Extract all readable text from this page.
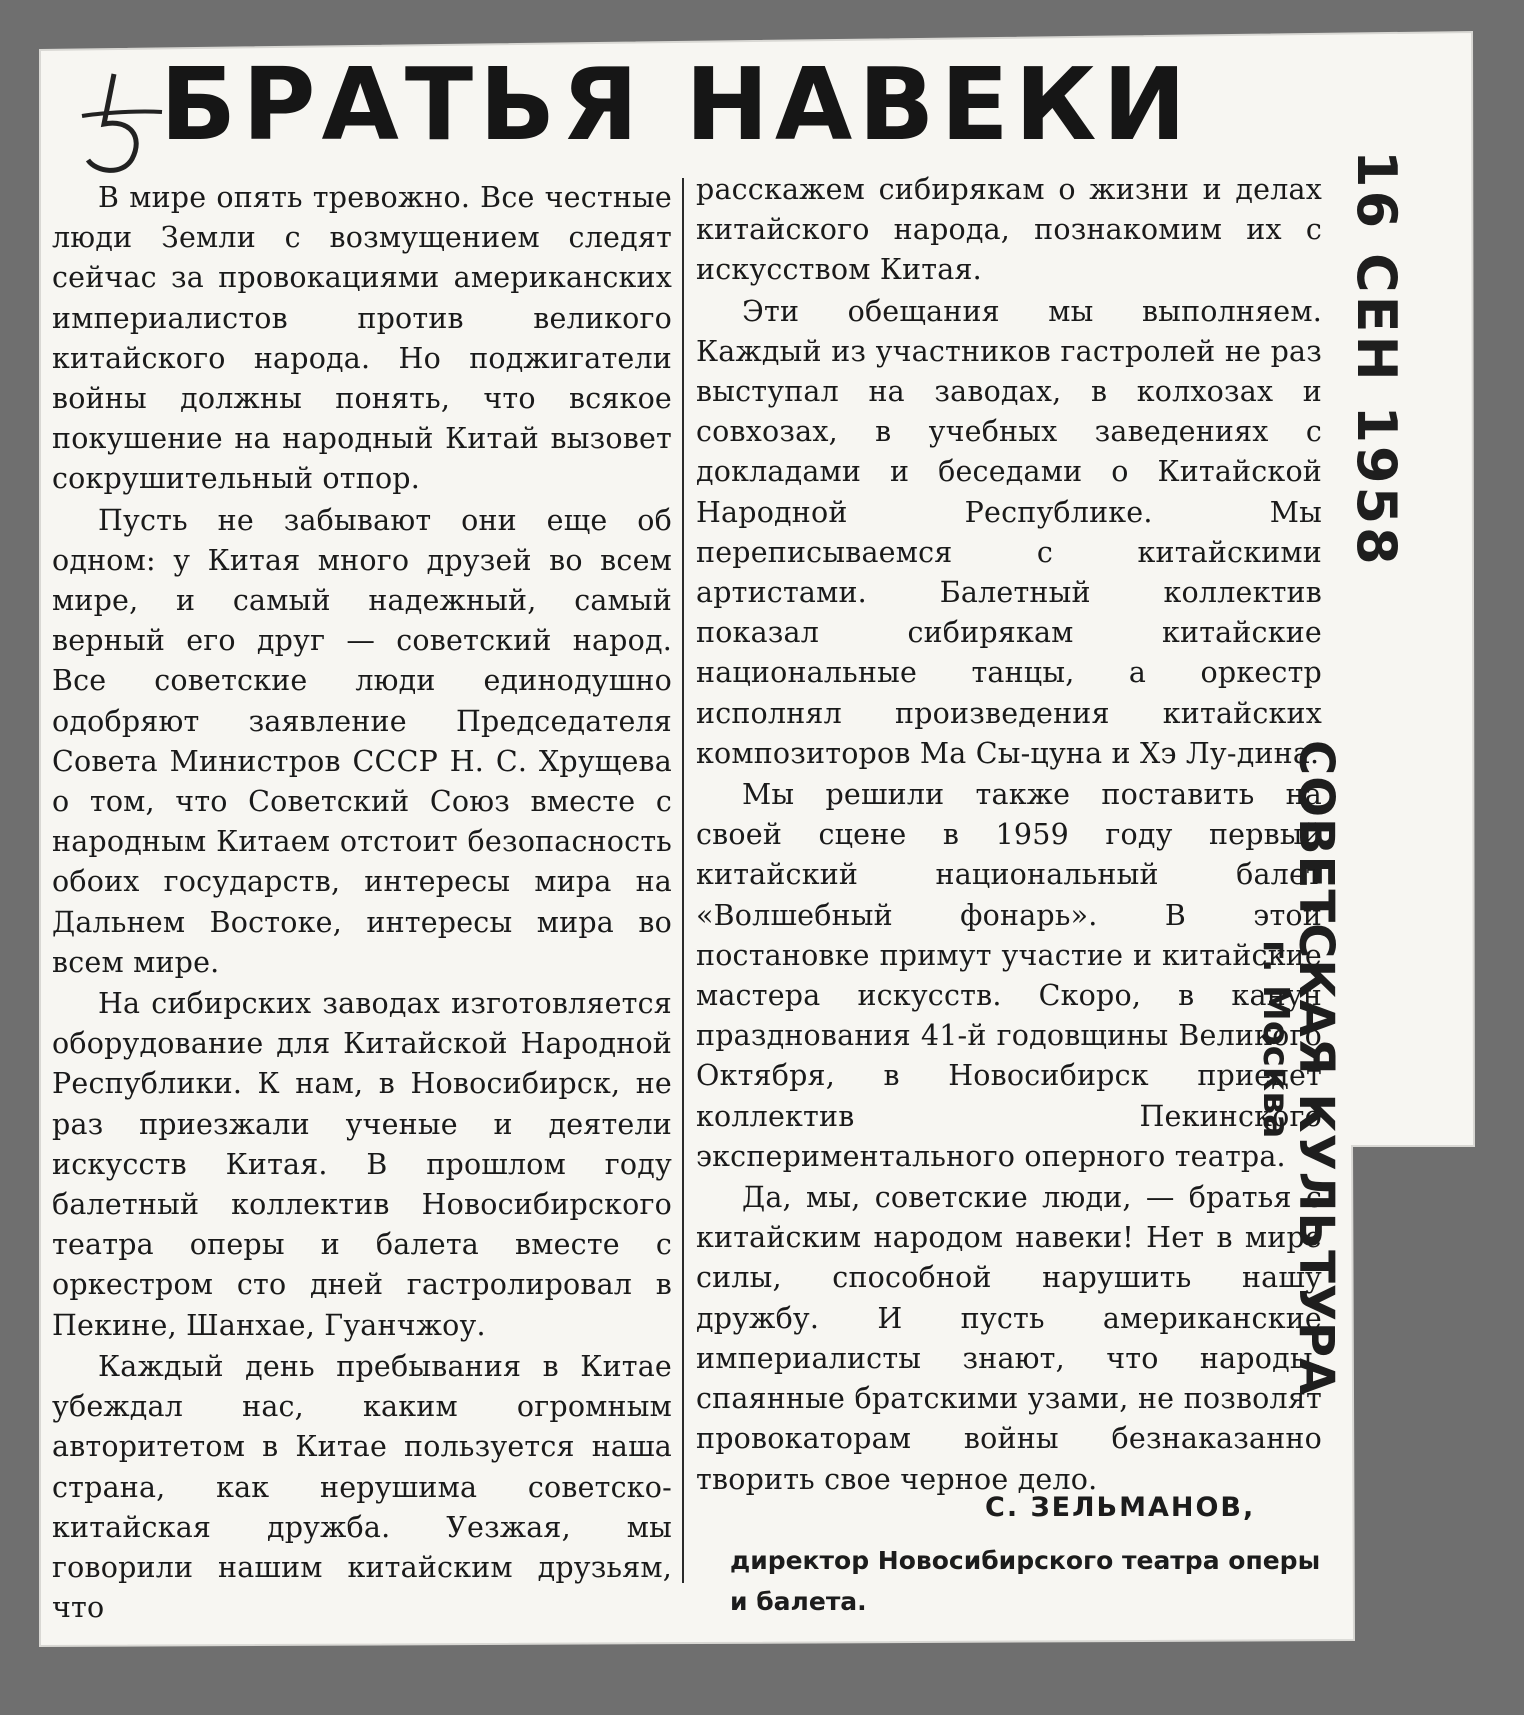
БРАТЬЯ НАВЕКИ

В мире опять тревожно. Все честные люди Земли с возмущением следят сейчас за провокациями американских империалистов против великого китайского народа. Но поджигатели войны должны понять, что всякое покушение на народный Китай вызовет сокрушительный отпор.

Пусть не забывают они еще об одном: у Китая много друзей во всем мире, и самый надежный, самый верный его друг — советский народ. Все советские люди единодушно одобряют заявление Председателя Совета Министров СССР Н. С. Хрущева о том, что Советский Союз вместе с народным Китаем отстоит безопасность обоих государств, интересы мира на Дальнем Востоке, интересы мира во всем мире.

На сибирских заводах изготовляется оборудование для Китайской Народной Республики. К нам, в Новосибирск, не раз приезжали ученые и деятели искусств Китая. В прошлом году балетный коллектив Новосибирского театра оперы и балета вместе с оркестром сто дней гастролировал в Пекине, Шанхае, Гуанчжоу.

Каждый день пребывания в Китае убеждал нас, каким огромным авторитетом в Китае пользуется наша страна, как нерушима советско-китайская дружба. Уезжая, мы говорили нашим китайским друзьям, что

расскажем сибирякам о жизни и делах китайского народа, познакомим их с искусством Китая.

Эти обещания мы выполняем. Каждый из участников гастролей не раз выступал на заводах, в колхозах и совхозах, в учебных заведениях с докладами и беседами о Китайской Народной Республике. Мы переписываемся с китайскими артистами. Балетный коллектив показал сибирякам китайские национальные танцы, а оркестр исполнял произведения китайских композиторов Ма Сы-цуна и Хэ Лу-дина.

Мы решили также поставить на своей сцене в 1959 году первый китайский национальный балет «Волшебный фонарь». В этой постановке примут участие и китайские мастера искусств. Скоро, в канун празднования 41-й годовщины Великого Октября, в Новосибирск приедет коллектив Пекинского экспериментального оперного театра.

Да, мы, советские люди, — братья с китайским народом навеки! Нет в мире силы, способной нарушить нашу дружбу. И пусть американские империалисты знают, что народы, спаянные братскими узами, не позволят провокаторам войны безнаказанно творить свое черное дело.

С. ЗЕЛЬМАНОВ,
директор Новосибирского театра оперы и балета.
16 СЕН 1958
СОВЕТСКАЯ КУЛЬТУРА
г. Москва
